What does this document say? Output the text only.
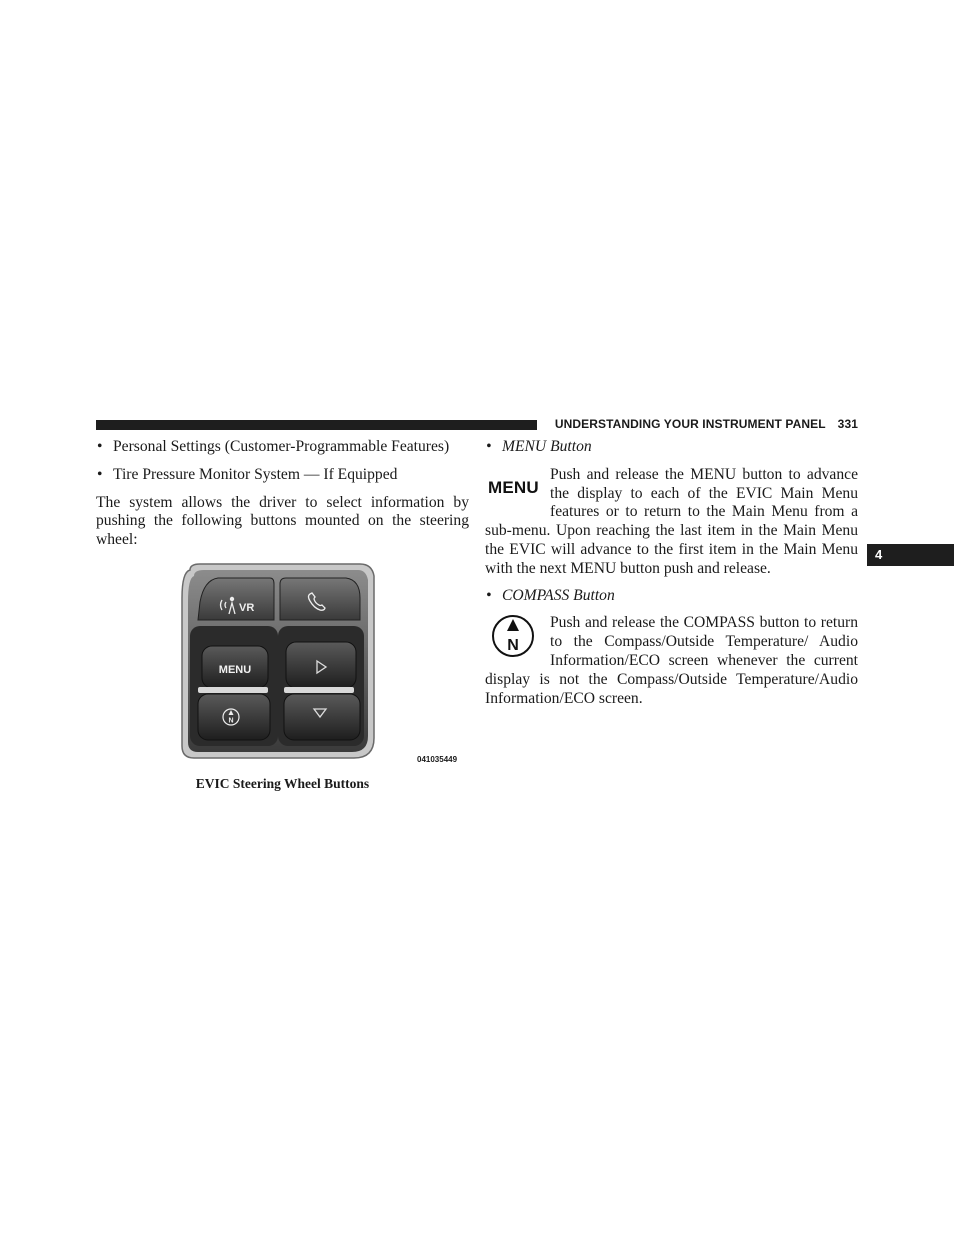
UNDERSTANDING YOUR INSTRUMENT PANEL 331
4
• Personal Settings (Customer-Programmable Features)
• Tire Pressure Monitor System — If Equipped

The system allows the driver to select information by pushing the following buttons mounted on the steering wheel:

VR
MENU
N
041035449
EVIC Steering Wheel Buttons
• MENU Button
MENU

Push and release the MENU button to advance the display to each of the EVIC Main Menu features or to return to the Main Menu from a sub-menu. Upon reaching the last item in the Main Menu the EVIC will advance to the first item in the Main Menu with the next MENU button push and release.

• COMPASS Button
N

Push and release the COMPASS button to return to the Compass/Outside Temperature/ Audio Information/ECO screen whenever the current display is not the Compass/Outside Temperature/Audio Information/ECO screen.
